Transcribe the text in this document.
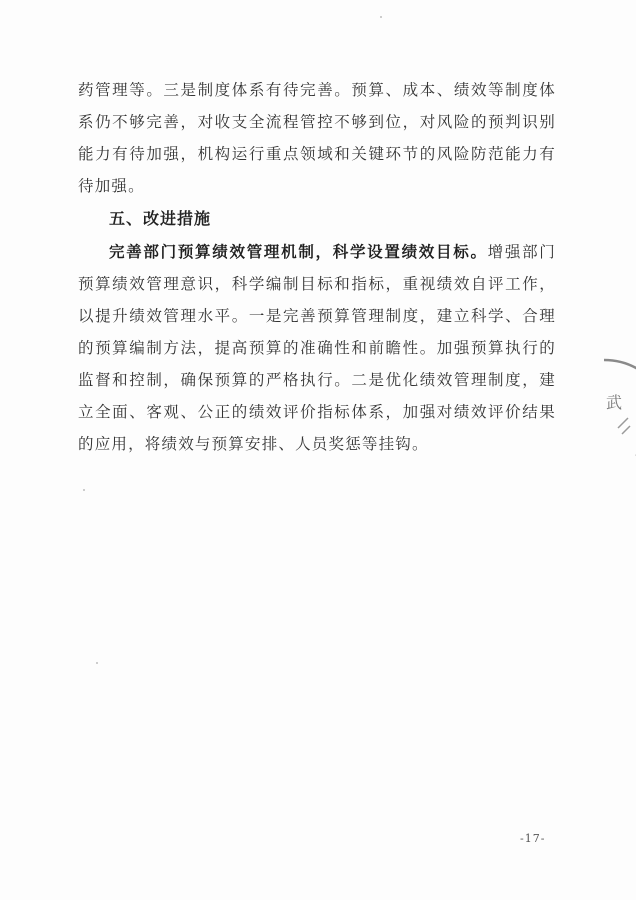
药管理等。三是制度体系有待完善。预算、成本、绩效等制度体系仍不够完善，对收支全流程管控不够到位，对风险的预判识别能力有待加强，机构运行重点领域和关键环节的风险防范能力有待加强。

五、改进措施

完善部门预算绩效管理机制，科学设置绩效目标。增强部门预算绩效管理意识，科学编制目标和指标，重视绩效自评工作，以提升绩效管理水平。一是完善预算管理制度，建立科学、合理的预算编制方法，提高预算的准确性和前瞻性。加强预算执行的监督和控制，确保预算的严格执行。二是优化绩效管理制度，建立全面、客观、公正的绩效评价指标体系，加强对绩效评价结果的应用，将绩效与预算安排、人员奖惩等挂钩。

武
-17-
